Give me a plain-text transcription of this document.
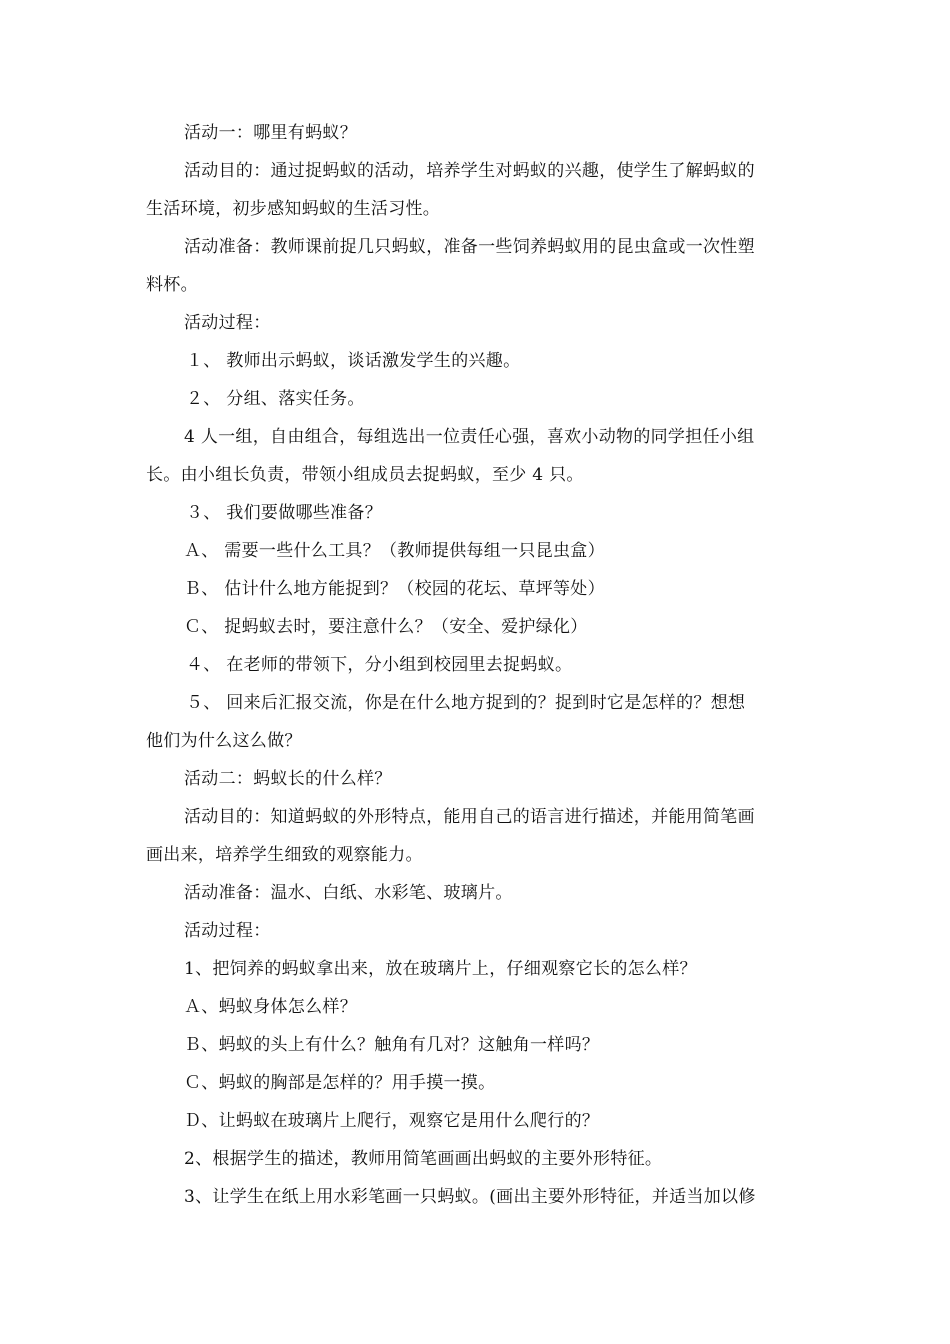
活动一：哪里有蚂蚁？
活动目的：通过捉蚂蚁的活动，培养学生对蚂蚁的兴趣，使学生了解蚂蚁的
生活环境，初步感知蚂蚁的生活习性。
活动准备：教师课前捉几只蚂蚁，准备一些饲养蚂蚁用的昆虫盒或一次性塑
料杯。
活动过程：
１、 教师出示蚂蚁，谈话激发学生的兴趣。
２、 分组、落实任务。
4 人一组，自由组合，每组选出一位责任心强，喜欢小动物的同学担任小组
长。由小组长负责，带领小组成员去捉蚂蚁，至少 4 只。
３、 我们要做哪些准备？
Ａ、 需要一些什么工具？（教师提供每组一只昆虫盒）
Ｂ、 估计什么地方能捉到？（校园的花坛、草坪等处）
Ｃ、 捉蚂蚁去时，要注意什么？（安全、爱护绿化）
４、 在老师的带领下，分小组到校园里去捉蚂蚁。
５、 回来后汇报交流，你是在什么地方捉到的？捉到时它是怎样的？想想
他们为什么这么做？
活动二：蚂蚁长的什么样？
活动目的：知道蚂蚁的外形特点，能用自己的语言进行描述，并能用简笔画
画出来，培养学生细致的观察能力。
活动准备：温水、白纸、水彩笔、玻璃片。
活动过程：
1、把饲养的蚂蚁拿出来，放在玻璃片上，仔细观察它长的怎么样？
Ａ、蚂蚁身体怎么样？
Ｂ、蚂蚁的头上有什么？触角有几对？这触角一样吗？
Ｃ、蚂蚁的胸部是怎样的？用手摸一摸。
Ｄ、让蚂蚁在玻璃片上爬行，观察它是用什么爬行的？
2、根据学生的描述，教师用简笔画画出蚂蚁的主要外形特征。
3、让学生在纸上用水彩笔画一只蚂蚁。(画出主要外形特征，并适当加以修
